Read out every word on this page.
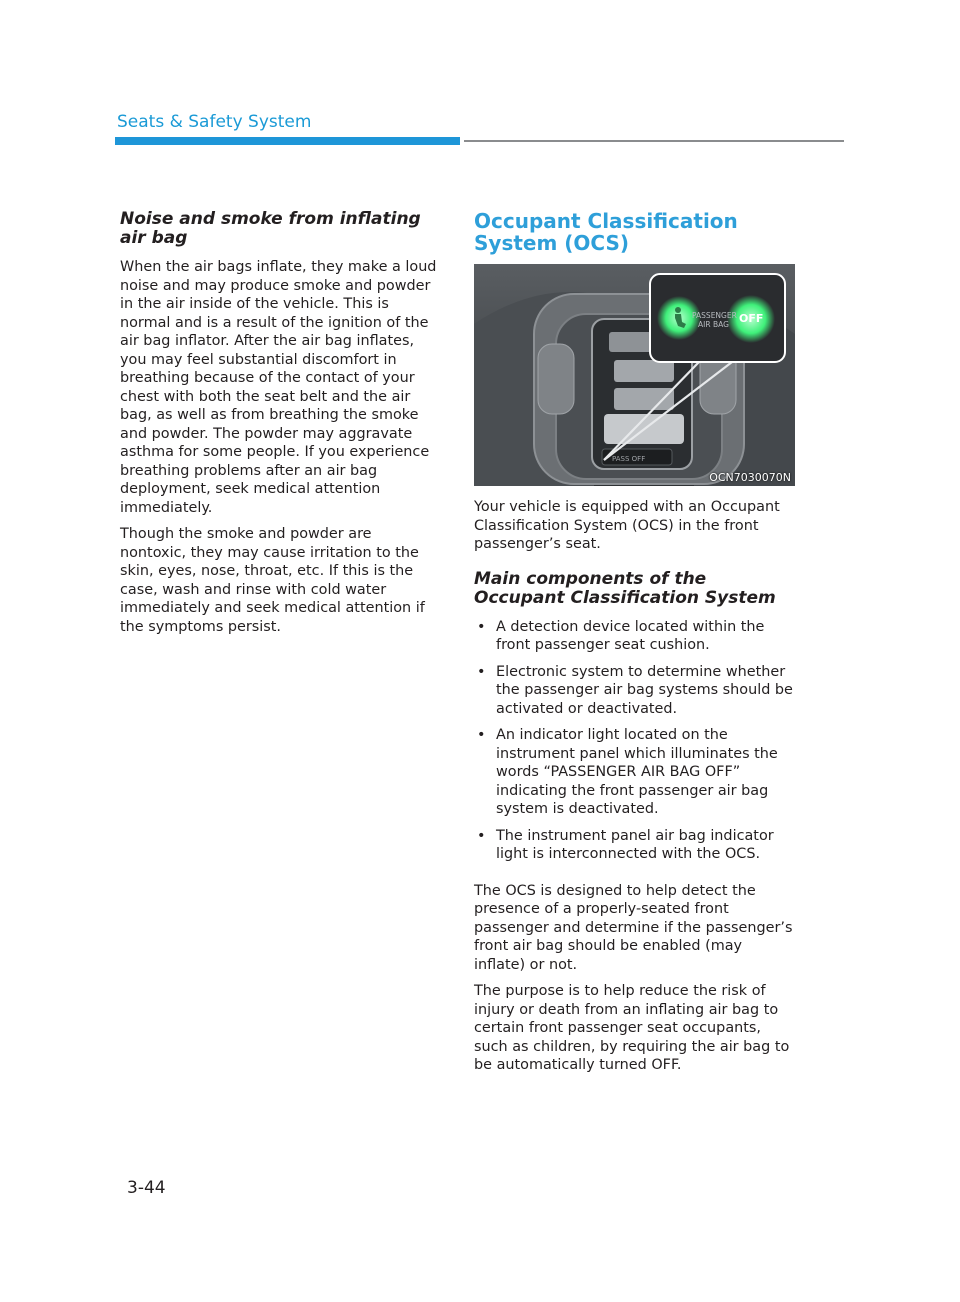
Seats & Safety System
Noise and smoke from inflating air bag

When the air bags inflate, they make a loud noise and may produce smoke and powder in the air inside of the vehicle. This is normal and is a result of the ignition of the air bag inflator. After the air bag inflates, you may feel substantial discomfort in breathing because of the contact of your chest with both the seat belt and the air bag, as well as from breathing the smoke and powder. The powder may aggravate asthma for some people. If you experience breathing problems after an air bag deployment, seek medical attention immediately.

Though the smoke and powder are nontoxic, they may cause irritation to the skin, eyes, nose, throat, etc. If this is the case, wash and rinse with cold water immediately and seek medical attention if the symptoms persist.

Occupant Classification System (OCS)
PASS OFF
PASSENGER
AIR BAG OFF
OCN7030070N

Your vehicle is equipped with an Occupant Classification System (OCS) in the front passenger’s seat.

Main components of the Occupant Classification System
• A detection device located within the front passenger seat cushion.
• Electronic system to determine whether the passenger air bag systems should be activated or deactivated.
• An indicator light located on the instrument panel which illuminates the words “PASSENGER AIR BAG OFF” indicating the front passenger air bag system is deactivated.
• The instrument panel air bag indicator light is interconnected with the OCS.

The OCS is designed to help detect the presence of a properly-seated front passenger and determine if the passenger’s front air bag should be enabled (may inflate) or not.

The purpose is to help reduce the risk of injury or death from an inflating air bag to certain front passenger seat occupants, such as children, by requiring the air bag to be automatically turned OFF.

3-44
